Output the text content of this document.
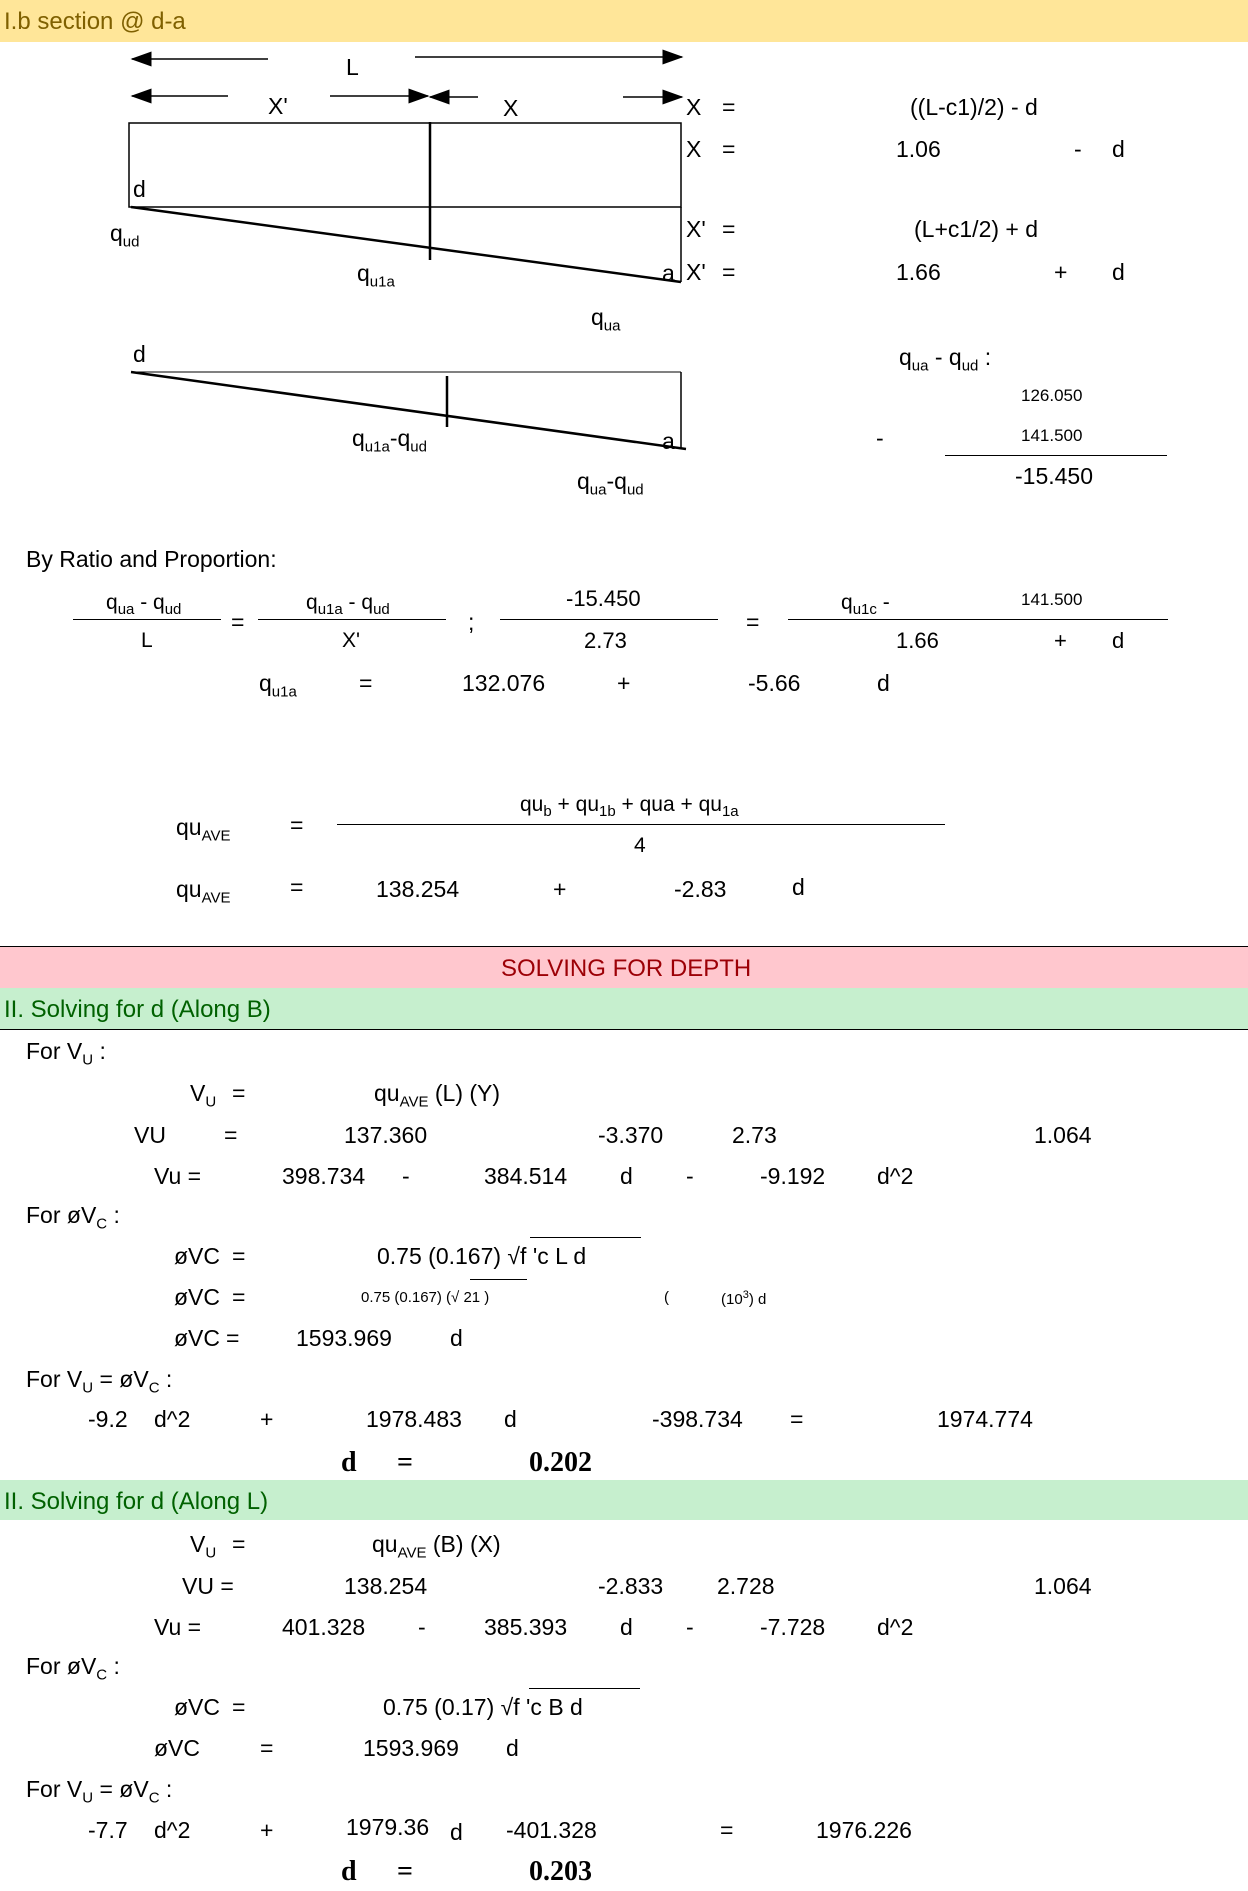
I.b section @ d-a
L
X'	X
d
$q_{ud}$
$q_{u1a}$	a
$q_{ua}$
d
$q_{u1a}-q_{ud}$	a
$q_{ua}-q_{ud}$
X =	((L-c1)/2) - d
X =	1.06	- d
X' =	(L+c1/2) + d
X' =	1.66	+ d
$q_{ua} - q_{ud}$ :
126.050
-	141.500
-15.450
By Ratio and Proportion:
$q_{ua} - q_{ud}$
L
=
$q_{u1a} - q_{ud}$
X'
;
-15.450
2.73
=
$q_{u1c}$ -	141.500
1.66	+ d
$q_{u1a}$	=	132.076	+	-5.66	d
$qu_{AVE}$	=
$qu_b + qu_{1b}$ + qua + $qu_{1a}$
4
$qu_{AVE}$	=	138.254	+	-2.83	d
SOLVING FOR DEPTH
II. Solving for d (Along B)
For $V_U$ :
$V_U$ =	$qu_{AVE}$ (L) (Y)
VU	=	137.360	-3.370	2.73	1.064
Vu =	398.734 -	384.514 d -	-9.192 d^2
For $øV_C$ :
øVC =	0.75 (0.167) √f 'c L d
øVC =	0.75 (0.167) (√ 21 )	(	$(10^3)$ d
øVC = 1593.969	d
For $V_U$ = $øV_C$ :
-9.2 d^2	+	1978.483 d	-398.734 =	1974.774
d =	0.202
II. Solving for d (Along L)
$V_U$ =	$qu_{AVE}$ (B) (X)
VU =	138.254	-2.833 2.728	1.064
Vu =	401.328 -	385.393 d -	-7.728 d^2
For $øV_C$ :
øVC =	0.75 (0.17) √f 'c B d
øVC	=	1593.969 d
For $V_U$ = $øV_C$ :
-7.7 d^2	+	1979.36 d -401.328	=	1976.226
d =	0.203
